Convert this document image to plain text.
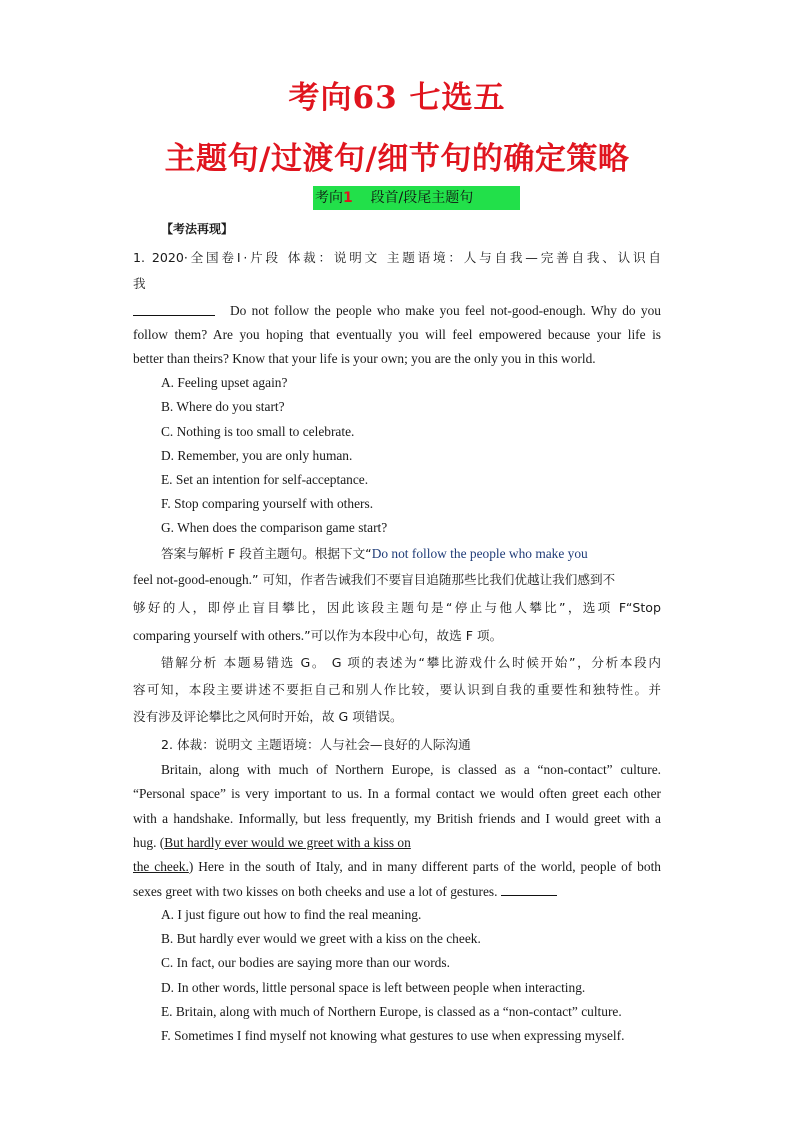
考向63 七选五
主题句/过渡句/细节句的确定策略
考向1 段首/段尾主题句
【考法再现】
1. 2020·全国卷Ⅰ·片段 体裁：说明文 主题语境：人与自我—完善自我、认识自
我
Do not follow the people who make you feel not-good-enough. Why do you
follow them? Are you hoping that eventually you will feel empowered because your life is
better than theirs? Know that your life is your own; you are the only you in this world.
A. Feeling upset again?
B. Where do you start?
C. Nothing is too small to celebrate.
D. Remember, you are only human.
E. Set an intention for self-acceptance.
F. Stop comparing yourself with others.
G. When does the comparison game start?
答案与解析 F 段首主题句。根据下文“Do not follow the people who make you
feel not-good-enough.” 可知，作者告诫我们不要盲目追随那些比我们优越让我们感到不
够好的人，即停止盲目攀比，因此该段主题句是“停止与他人攀比”，选项 F“Stop
comparing yourself with others.”可以作为本段中心句，故选 F 项。
错解分析 本题易错选 G。 G 项的表述为“攀比游戏什么时候开始”，分析本段内
容可知，本段主要讲述不要拒自己和别人作比较，要认识到自我的重要性和独特性。并
没有涉及评论攀比之风何时开始，故 G 项错误。
2. 体裁：说明文 主题语境：人与社会—良好的人际沟通
Britain, along with much of Northern Europe, is classed as a “non-contact” culture.
“Personal space” is very important to us. In a formal contact we would often greet each other
with a handshake. Informally, but less frequently, my British friends and I would greet with a
hug. (But hardly ever would we greet with a kiss on
the cheek.) Here in the south of Italy, and in many different parts of the world, people of both
sexes greet with two kisses on both cheeks and use a lot of gestures.
A. I just figure out how to find the real meaning.
B. But hardly ever would we greet with a kiss on the cheek.
C. In fact, our bodies are saying more than our words.
D. In other words, little personal space is left between people when interacting.
E. Britain, along with much of Northern Europe, is classed as a “non-contact” culture.
F. Sometimes I find myself not knowing what gestures to use when expressing myself.
